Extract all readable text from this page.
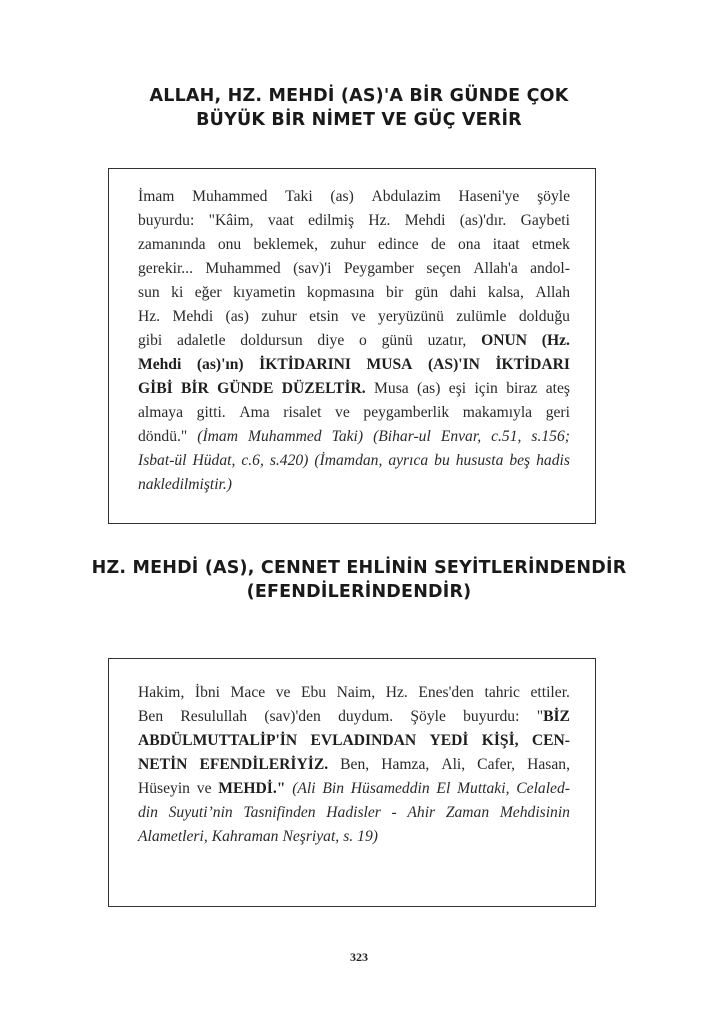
ALLAH, HZ. MEHDİ (AS)'A BİR GÜNDE ÇOK
BÜYÜK BİR NİMET VE GÜÇ VERİR
İmam Muhammed Taki (as) Abdulazim Haseni'ye şöyle
buyurdu: "Kâim, vaat edilmiş Hz. Mehdi (as)'dır. Gaybeti
zamanında onu beklemek, zuhur edince de ona itaat etmek
gerekir... Muhammed (sav)'i Peygamber seçen Allah'a andol-
sun ki eğer kıyametin kopmasına bir gün dahi kalsa, Allah
Hz. Mehdi (as) zuhur etsin ve yeryüzünü zulümle dolduğu
gibi adaletle doldursun diye o günü uzatır, ONUN (Hz.
Mehdi (as)'ın) İKTİDARINI MUSA (AS)'IN İKTİDARI
GİBİ BİR GÜNDE DÜZELTİR. Musa (as) eşi için biraz ateş
almaya gitti. Ama risalet ve peygamberlik makamıyla geri
döndü." (İmam Muhammed Taki) (Bihar-ul Envar, c.51, s.156;
Isbat-ül Hüdat, c.6, s.420) (İmamdan, ayrıca bu hususta beş hadis
nakledilmiştir.)
HZ. MEHDİ (AS), CENNET EHLİNİN SEYİTLERİNDENDİR
(EFENDİLERİNDENDİR)
Hakim, İbni Mace ve Ebu Naim, Hz. Enes'den tahric ettiler.
Ben Resulullah (sav)'den duydum. Şöyle buyurdu: "BİZ
ABDÜLMUTTALİP'İN EVLADINDAN YEDİ KİŞİ, CEN-
NETİN EFENDİLERİYİZ. Ben, Hamza, Ali, Cafer, Hasan,
Hüseyin ve MEHDİ." (Ali Bin Hüsameddin El Muttaki, Celaled-
din Suyuti’nin Tasnifinden Hadisler - Ahir Zaman Mehdisinin
Alametleri, Kahraman Neşriyat, s. 19)
323
